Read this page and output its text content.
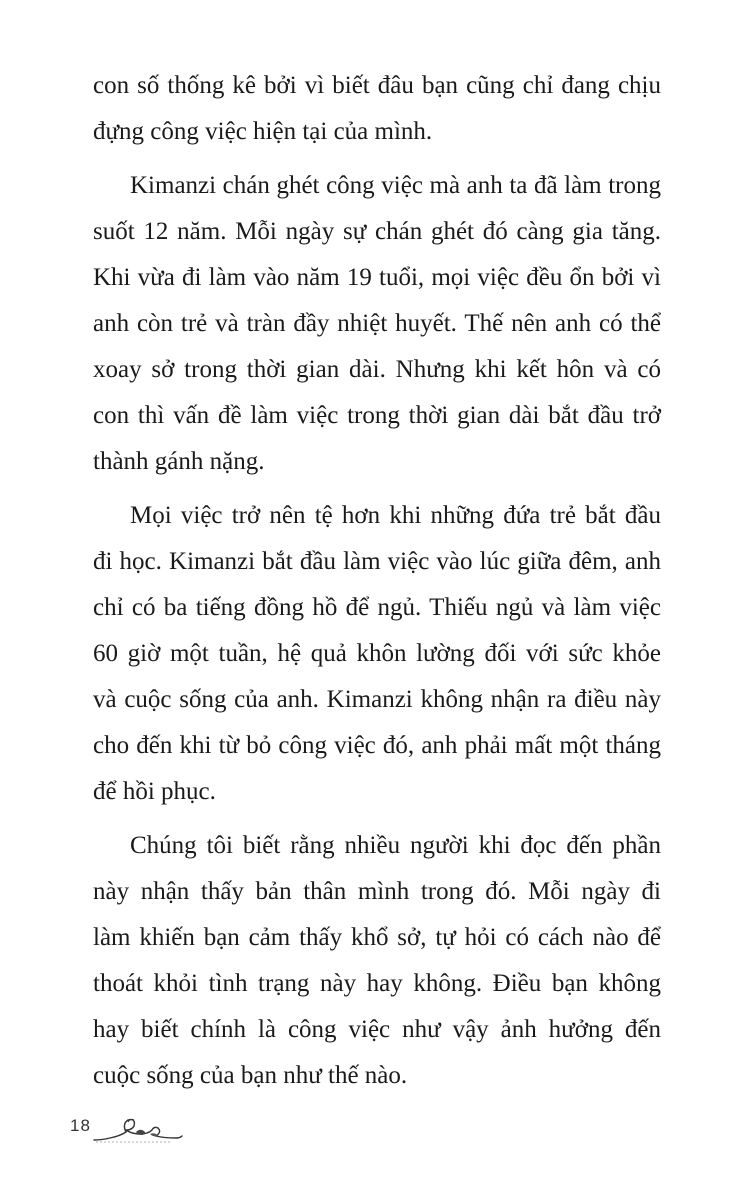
con số thống kê bởi vì biết đâu bạn cũng chỉ đang chịu
đựng công việc hiện tại của mình.
Kimanzi chán ghét công việc mà anh ta đã làm trong
suốt 12 năm. Mỗi ngày sự chán ghét đó càng gia tăng.
Khi vừa đi làm vào năm 19 tuổi, mọi việc đều ổn bởi vì
anh còn trẻ và tràn đầy nhiệt huyết. Thế nên anh có thể
xoay sở trong thời gian dài. Nhưng khi kết hôn và có
con thì vấn đề làm việc trong thời gian dài bắt đầu trở
thành gánh nặng.
Mọi việc trở nên tệ hơn khi những đứa trẻ bắt đầu
đi học. Kimanzi bắt đầu làm việc vào lúc giữa đêm, anh
chỉ có ba tiếng đồng hồ để ngủ. Thiếu ngủ và làm việc
60 giờ một tuần, hệ quả khôn lường đối với sức khỏe
và cuộc sống của anh. Kimanzi không nhận ra điều này
cho đến khi từ bỏ công việc đó, anh phải mất một tháng
để hồi phục.
Chúng tôi biết rằng nhiều người khi đọc đến phần
này nhận thấy bản thân mình trong đó. Mỗi ngày đi
làm khiến bạn cảm thấy khổ sở, tự hỏi có cách nào để
thoát khỏi tình trạng này hay không. Điều bạn không
hay biết chính là công việc như vậy ảnh hưởng đến
cuộc sống của bạn như thế nào.
18
